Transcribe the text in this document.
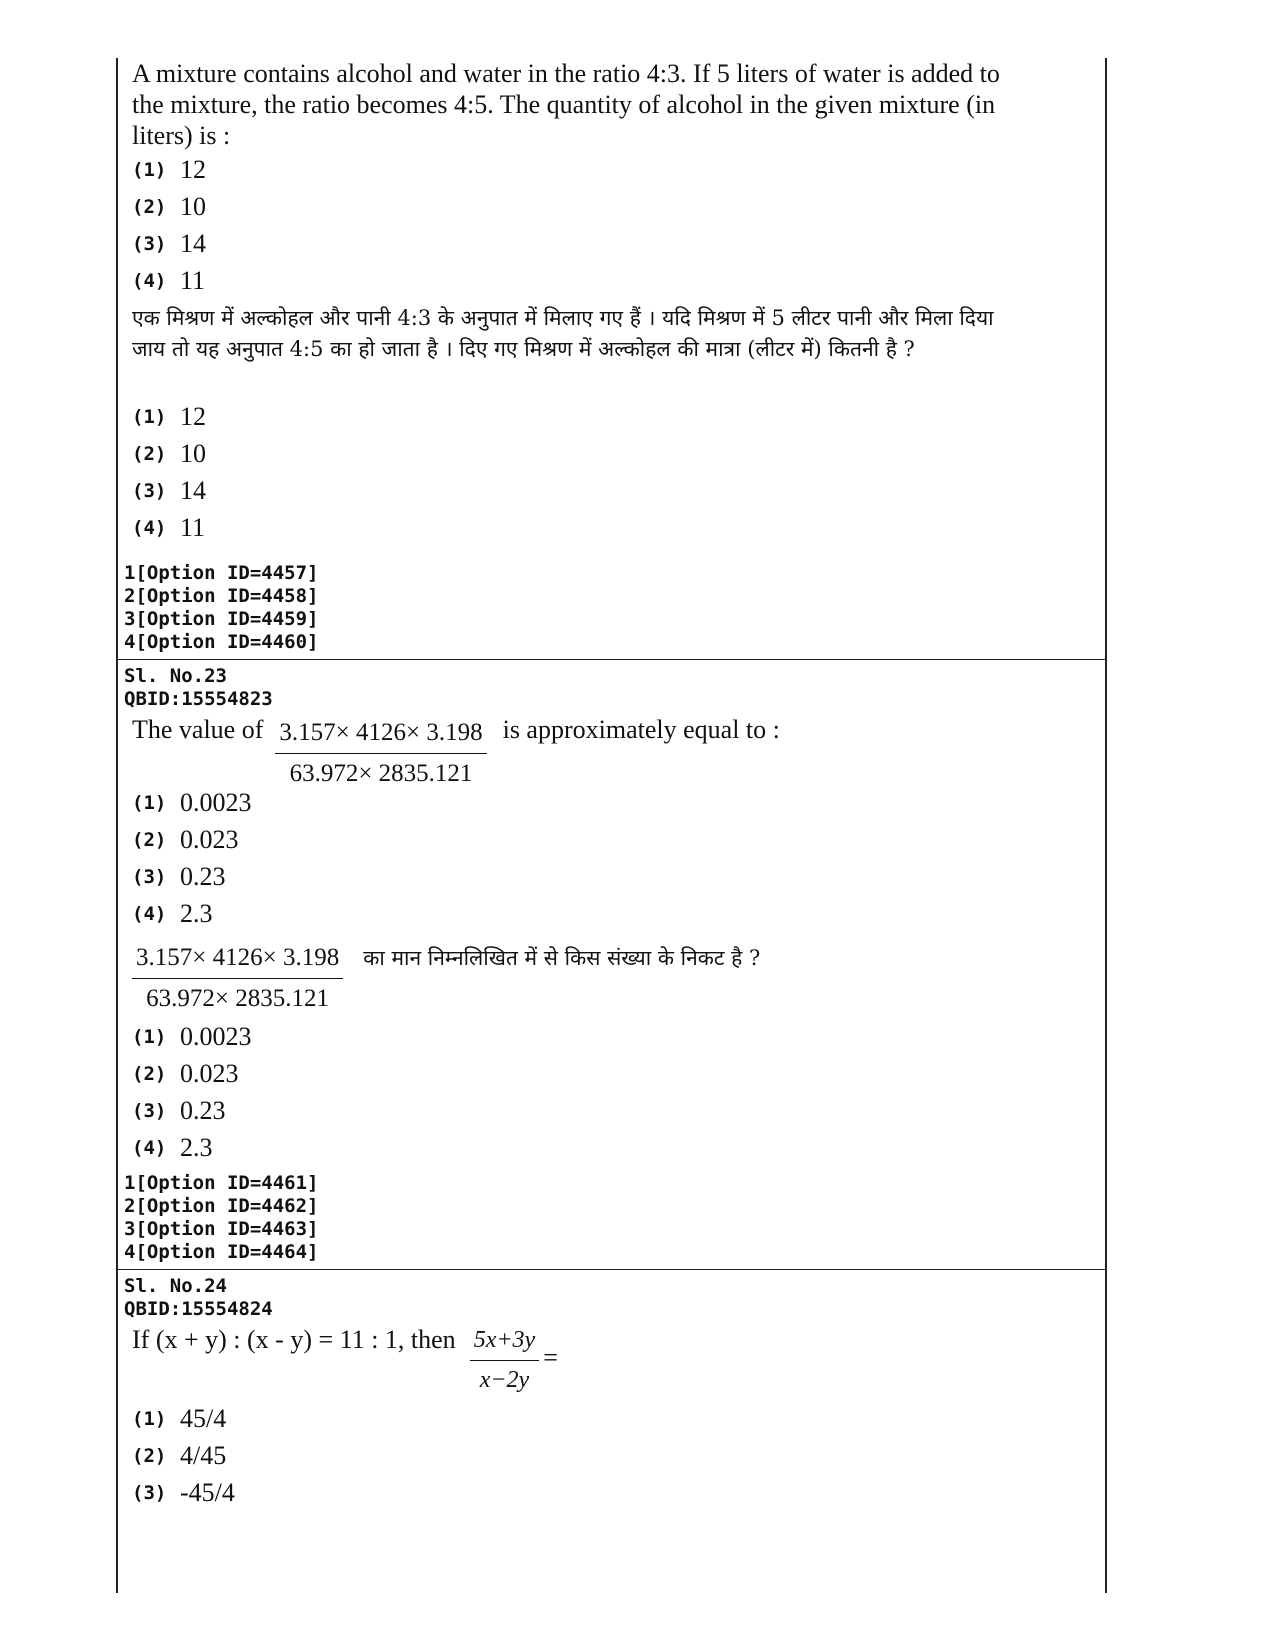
A mixture contains alcohol and water in the ratio 4:3. If 5 liters of water is added to the mixture, the ratio becomes 4:5. The quantity of alcohol in the given mixture (in liters) is :
(1) 12
(2) 10
(3) 14
(4) 11
एक मिश्रण में अल्कोहल और पानी 4:3 के अनुपात में मिलाए गए हैं । यदि मिश्रण में 5 लीटर पानी और मिला दिया जाय तो यह अनुपात 4:5 का हो जाता है । दिए गए मिश्रण में अल्कोहल की मात्रा (लीटर में) कितनी है ?
(1) 12
(2) 10
(3) 14
(4) 11
1[Option ID=4457]
2[Option ID=4458]
3[Option ID=4459]
4[Option ID=4460]
Sl. No.23
QBID:15554823
The value of $\frac{3.157\times 4126\times 3.198}{63.972\times 2835.121}$ is approximately equal to :
(1) 0.0023
(2) 0.023
(3) 0.23
(4) 2.3
$\frac{3.157\times 4126\times 3.198}{63.972\times 2835.121}$ का मान निम्नलिखित में से किस संख्या के निकट है ?
(1) 0.0023
(2) 0.023
(3) 0.23
(4) 2.3
1[Option ID=4461]
2[Option ID=4462]
3[Option ID=4463]
4[Option ID=4464]
Sl. No.24
QBID:15554824
If (x + y) : (x - y) = 11 : 1, then $\frac{5x+3y}{x-2y}$ =
(1) 45/4
(2) 4/45
(3) -45/4
